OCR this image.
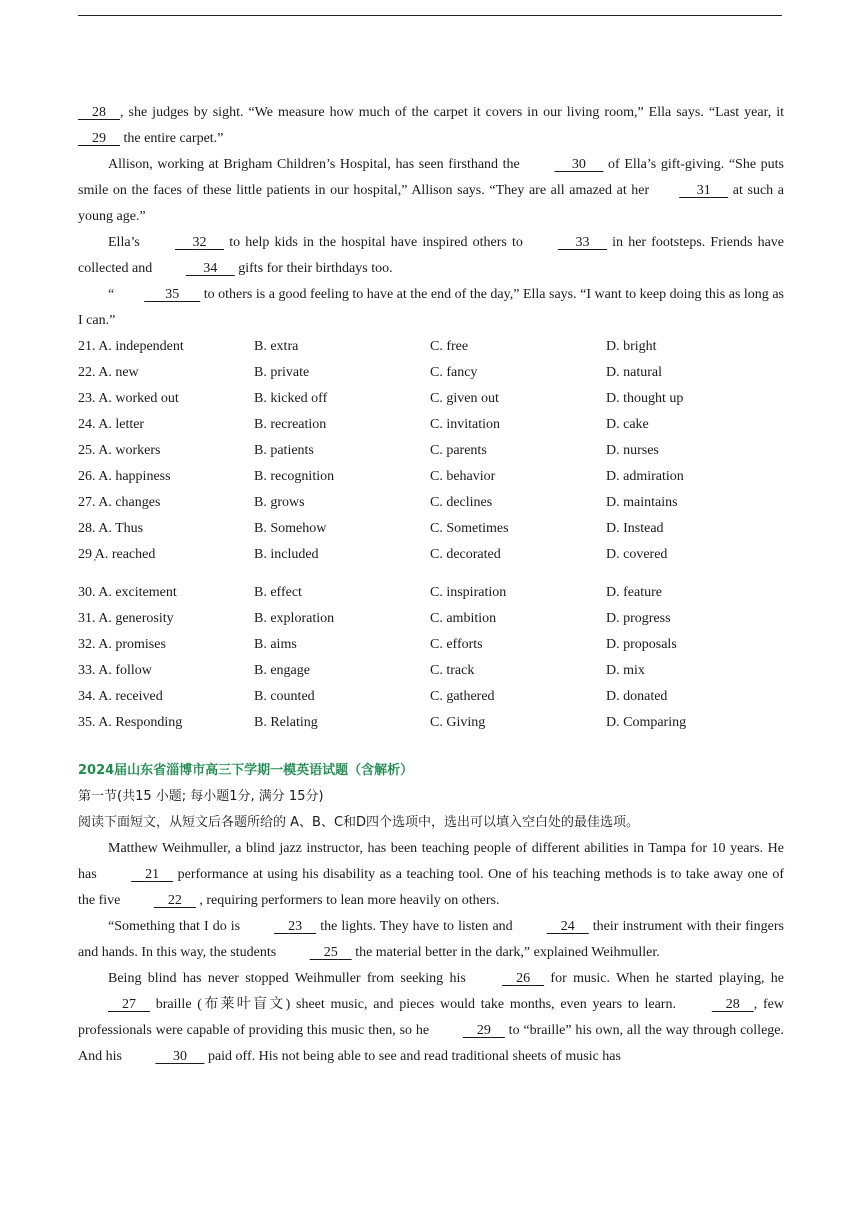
28 , she judges by sight. “We measure how much of the carpet it covers in our living room,” Ella says. “Last year, it     29     the entire carpet.”

Allison, working at Brigham Children’s Hospital, has seen firsthand the	30      of Ella’s gift-giving. “She puts smile on the faces of these little patients in our hospital,” Allison says. “They are all amazed at her	31      at such a young age.”

Ella’s	32      to help kids in the hospital have inspired others to	33      in her footsteps. Friends have collected and	34      gifts for their birthdays too.

“	35       to others is a good feeling to have at the end of the day,” Ella says. “I want to keep doing this as long as I can.”

21. A. independent	B. extra	C. free	D. bright
22. A. new	B. private	C. fancy	D. natural
23. A. worked out	B. kicked off	C. given out	D. thought up
24. A. letter	B. recreation	C. invitation	D. cake
25. A. workers	B. patients	C. parents	D. nurses
26. A. happiness	B. recognition	C. behavior	D. admiration
27. A. changes	B. grows	C. declines	D. maintains
28. A. Thus	B. Somehow	C. Sometimes	D. Instead
29 A. reached '	B. included	C. decorated	D. covered
30. A. excitement	B. effect	C. inspiration	D. feature
31. A. generosity	B. exploration	C. ambition	D. progress
32. A. promises	B. aims	C. efforts	D. proposals
33. A. follow	B. engage	C. track	D. mix
34. A. received	B. counted	C. gathered	D. donated
35. A. Responding	B. Relating	C. Giving	D. Comparing
2024届山东省淄博市高三下学期一模英语试题（含解析）
第一节(共15 小题; 每小题1分, 满分 15分)
阅读下面短文，从短文后各题所给的 A、B、C和D四个选项中，选出可以填入空白处的最佳选项。

Matthew Weihmuller, a blind jazz instructor, has been teaching people of different abilities in Tampa for 10 years. He has	21     performance at using his disability as a teaching tool. One of his teaching methods is to take away one of the five	22     , requiring performers to lean more heavily on others.

“Something that I do is	23     the lights. They have to listen and	24     their instrument with their fingers and hands. In this way, the students	25     the material better in the dark,” explained Weihmuller.

Being blind has never stopped Weihmuller from seeking his	26     for music. When he started playing, he     27     braille (布莱叶盲文) sheet music, and pieces would take months, even years to learn.	28 , few professionals were capable of providing this music then, so he	29     to “braille” his own, all the way through college. And his	30      paid off. His not being able to see and read traditional sheets of music has
